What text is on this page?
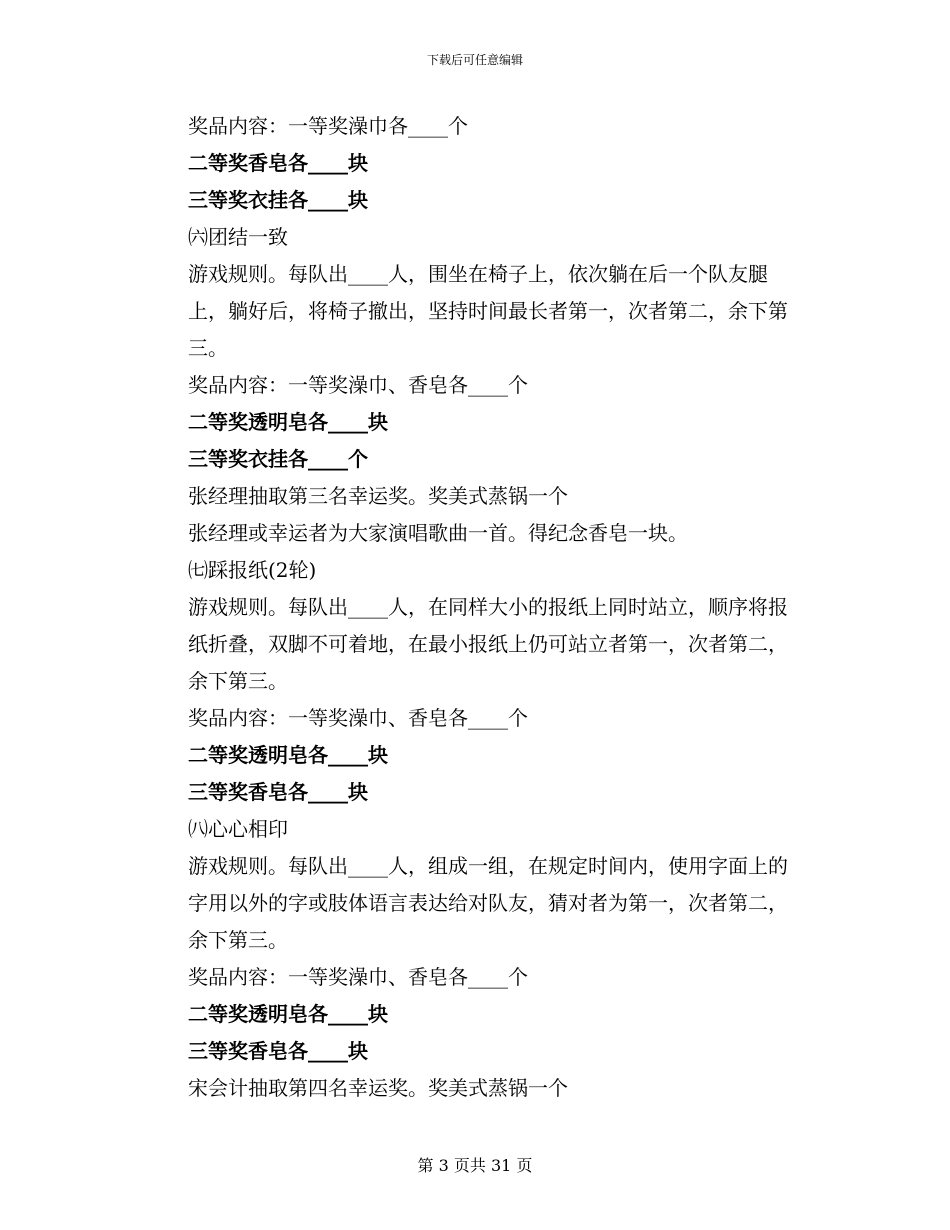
下载后可任意编辑

奖品内容：一等奖澡巾各____个

二等奖香皂各____块

三等奖衣挂各____块

㈥团结一致

游戏规则。每队出____人，围坐在椅子上，依次躺在后一个队友腿上，躺好后，将椅子撤出，坚持时间最长者第一，次者第二，余下第三。

奖品内容：一等奖澡巾、香皂各____个

二等奖透明皂各____块

三等奖衣挂各____个

张经理抽取第三名幸运奖。奖美式蒸锅一个

张经理或幸运者为大家演唱歌曲一首。得纪念香皂一块。

㈦踩报纸(2轮)

游戏规则。每队出____人，在同样大小的报纸上同时站立，顺序将报纸折叠，双脚不可着地，在最小报纸上仍可站立者第一，次者第二，余下第三。

奖品内容：一等奖澡巾、香皂各____个

二等奖透明皂各____块

三等奖香皂各____块

㈧心心相印

游戏规则。每队出____人，组成一组，在规定时间内，使用字面上的字用以外的字或肢体语言表达给对队友，猜对者为第一，次者第二，余下第三。

奖品内容：一等奖澡巾、香皂各____个

二等奖透明皂各____块

三等奖香皂各____块

宋会计抽取第四名幸运奖。奖美式蒸锅一个

第 3 页共 31 页
